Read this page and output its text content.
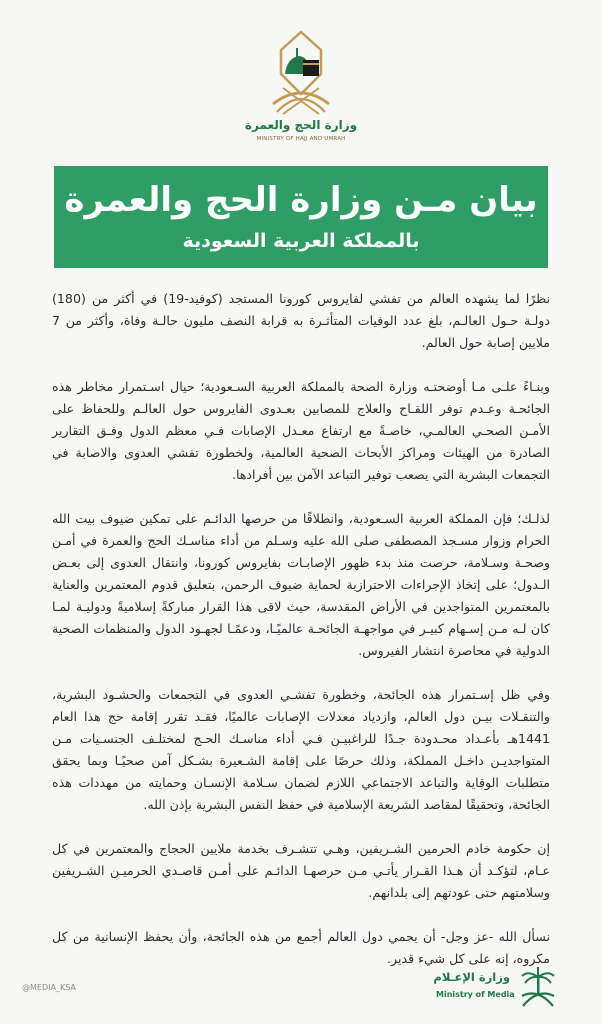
وزارة الحج والعمرة
MINISTRY OF HAJJ AND UMRAH
بيان مـن وزارة الحج والعمرة
بالمملكة العربية السعودية

نظرًا لما يشهده العالم من تفشي لفايروس كورونا المستجد (كوفيد-19) في أكثر من (180) دولـة حـول العالـم، بلغ عدد الوفيات المتأثـرة به قرابة النصف مليون حالـة وفاة، وأكثر من 7 ملايين إصابة حول العالم.

وبنـاءً علـى مـا أوضحتـه وزارة الصحة بالمملكة العربية السـعودية؛ حيال اسـتمرار مخاطر هذه الجائحـة وعـدم توفر اللقـاح والعلاج للمصابين بعـدوى الفايروس حول العالـم وللحفاظ على الأمـن الصحـي العالمـي، خاصـةً مع ارتفاع معـدل الإصابات فـي معظم الدول وفـق التقارير الصادرة من الهيئات ومراكز الأبحاث الصحية العالمية، ولخطورة تفشي العدوى والاصابة في التجمعات البشرية التي يصعب توفير التباعد الآمن بين أفرادها.

لذلـك؛ فإن المملكة العربية السـعودية، وانطلاقًا من حرصها الدائـم على تمكين ضيوف بيت الله الحرام وزوار مسـجد المصطفى صلى الله عليه وسـلم من أداء مناسـك الحج والعمرة في أمـن وصحـة وسـلامة، حرصت منذ بدء ظهور الإصابـات بفايروس كورونا، وانتقال العدوى إلى بعـض الـدول؛ على إتخاذ الإجراءات الاحترازية لحماية ضيوف الرحمن، بتعليق قدوم المعتمرين والعناية بالمعتمرين المتواجدين في الأراض المقدسة، حيث لاقى هذا القرار مباركةً إسلاميةً ودوليـة لمـا كان لـه مـن إسـهام كبيـر في مواجهـة الجائحـة عالميًـا، ودعمًـا لجهـود الدول والمنظمات الصحية الدولية في محاصرة انتشار الفيروس.

وفي ظل إسـتمرار هذه الجائحة، وخطورة تفشـي العدوى في التجمعات والحشـود البشرية، والتنقـلات بيـن دول العالم، وازدياد معدلات الإصابات عالميًا، فقـد تقرر إقامة حج هذا العام 1441هـ بأعـداد محـدودة جـدًا للراغبيـن فـي أداء مناسـك الحـج لمختلـف الجنسـيات مـن المتواجديـن داخـل المملكة، وذلك حرصًا على إقامة الشـعيرة بشـكل آمن صحيًـا وبما يحقق متطلبات الوقاية والتباعد الاجتماعي اللازم لضمان سـلامة الإنسـان وحمايته من مهددات هذه الجائحة، وتحقيقًا لمقاصد الشريعة الإسلامية في حفظ النفس البشرية بإذن الله.

إن حكومة خادم الحرمين الشـريفين، وهـي تتشـرف بخدمة ملايين الحجاج والمعتمرين في كل عـام، لتؤكـد أن هـذا القـرار يأتـي مـن حرصهـا الدائـم على أمـن قاصـدي الحرميـن الشـريفين وسلامتهم حتى عودتهم إلى بلدانهم.

نسأل الله -عز وجل- أن يحمي دول العالم أجمع من هذه الجائحة، وأن يحفظ الإنسانية من كل مكروه، إنه على كل شيء قدير.

@MEDIA_KSA
وزارة الإعـلام
Ministry of Media
